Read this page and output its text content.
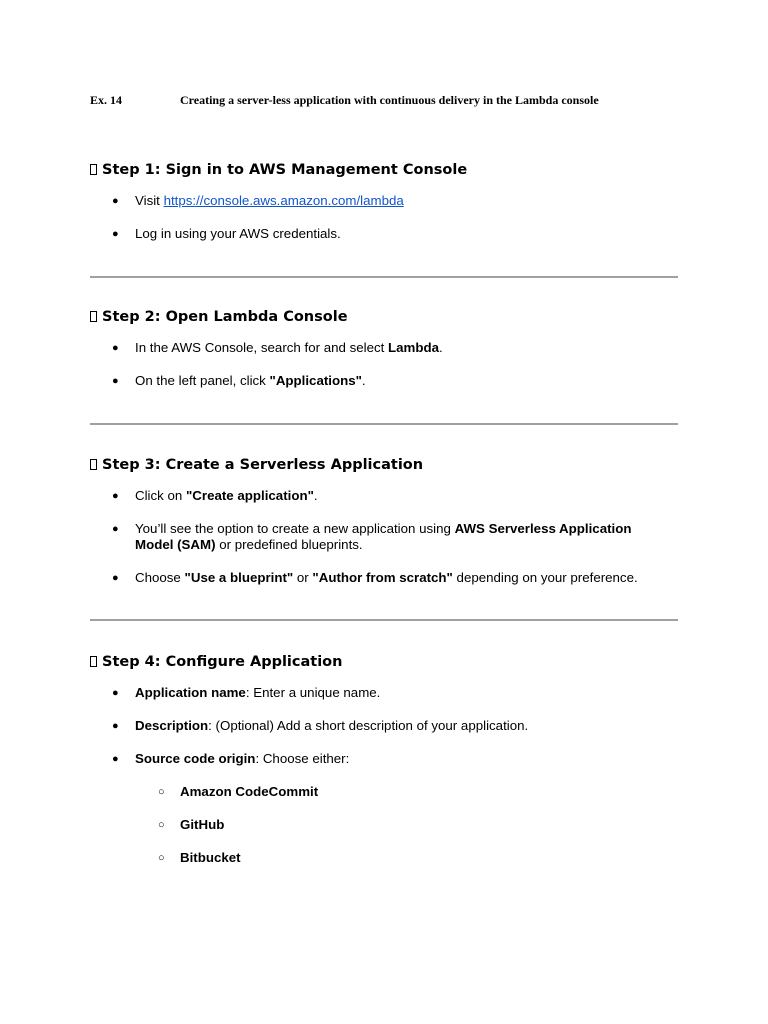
Ex. 14	Creating a server-less application with continuous delivery in the Lambda console
Step 1: Sign in to AWS Management Console
● Visit https://console.aws.amazon.com/lambda
● Log in using your AWS credentials.
Step 2: Open Lambda Console
● In the AWS Console, search for and select Lambda.
● On the left panel, click "Applications".
Step 3: Create a Serverless Application
● Click on "Create application".
● You’ll see the option to create a new application using AWS Serverless Application Model (SAM) or predefined blueprints.
● Choose "Use a blueprint" or "Author from scratch" depending on your preference.
Step 4: Configure Application
● Application name: Enter a unique name.
● Description: (Optional) Add a short description of your application.
● Source code origin: Choose either:
○ Amazon CodeCommit
○ GitHub
○ Bitbucket
